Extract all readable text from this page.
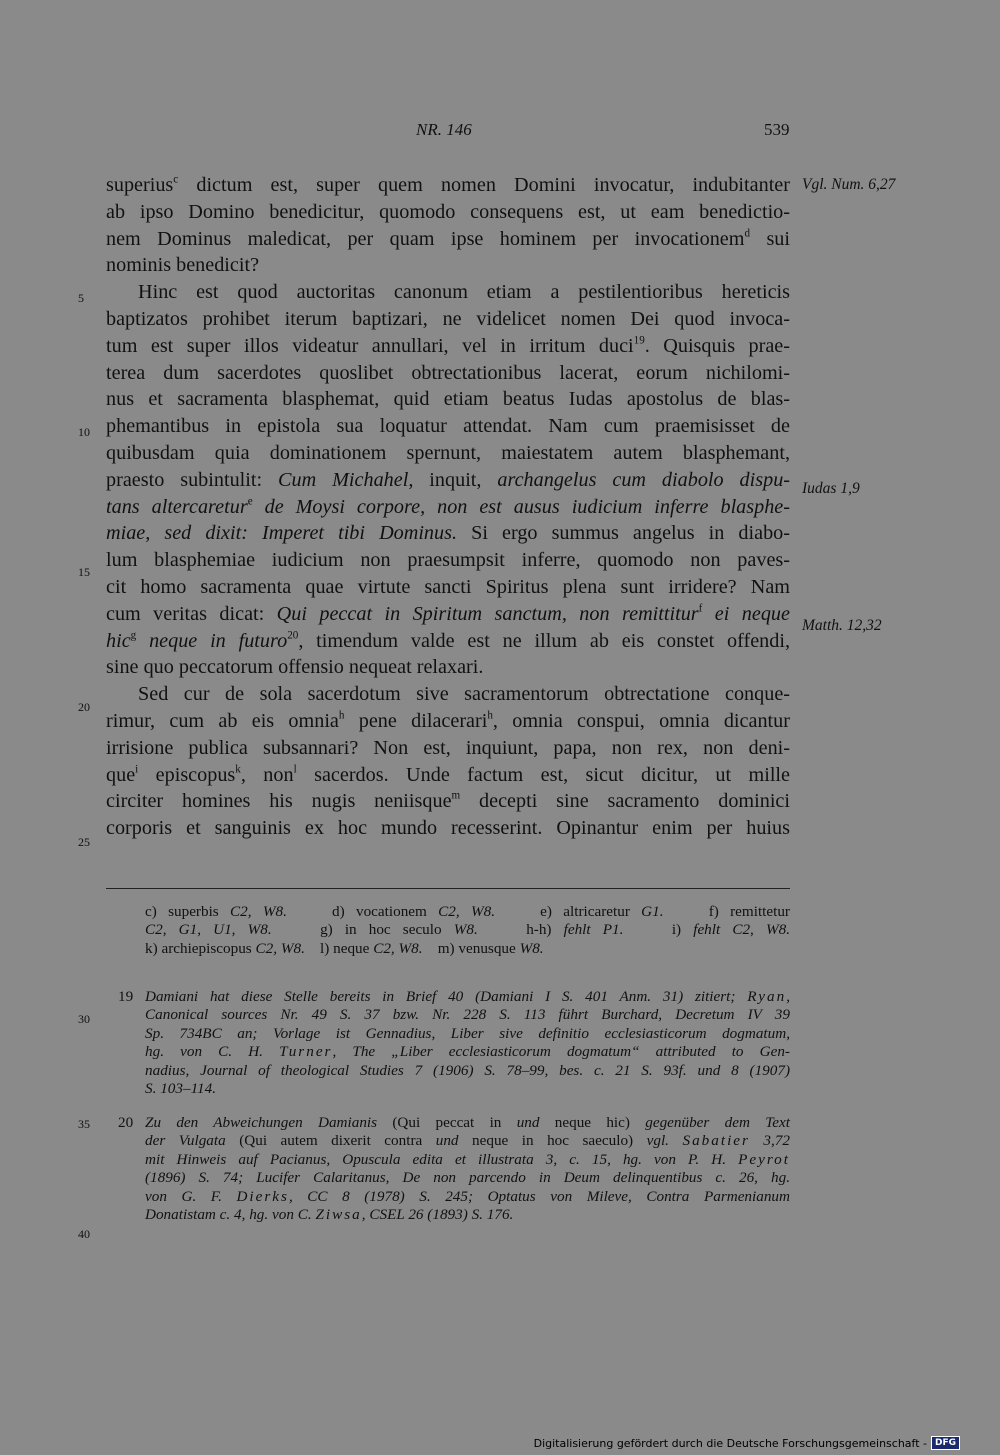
NR. 146	539
superius$^c$ dictum est, super quem nomen Domini invocatur, indubitanter
ab ipso Domino benedicitur, quomodo consequens est, ut eam benedictio-
nem Dominus maledicat, per quam ipse hominem per invocationem$^d$ sui
nominis benedicit?
Hinc est quod auctoritas canonum etiam a pestilentioribus hereticis
baptizatos prohibet iterum baptizari, ne videlicet nomen Dei quod invoca-
tum est super illos videatur annullari, vel in irritum duci$^{19}$. Quisquis prae-
terea dum sacerdotes quoslibet obtrectationibus lacerat, eorum nichilomi-
nus et sacramenta blasphemat, quid etiam beatus Iudas apostolus de blas-
phemantibus in epistola sua loquatur attendat. Nam cum praemisisset de
quibusdam quia dominationem spernunt, maiestatem autem blasphemant,
praesto subintulit: Cum Michahel, inquit, archangelus cum diabolo dispu-
tans altercaretur$^e$ de Moysi corpore, non est ausus iudicium inferre blasphe-
miae, sed dixit: Imperet tibi Dominus. Si ergo summus angelus in diabo-
lum blasphemiae iudicium non praesumpsit inferre, quomodo non paves-
cit homo sacramenta quae virtute sancti Spiritus plena sunt irridere? Nam
cum veritas dicat: Qui peccat in Spiritum sanctum, non remittitur$^f$ ei neque
hic$^g$ neque in futuro$^{20}$, timendum valde est ne illum ab eis constet offendi,
sine quo peccatorum offensio nequeat relaxari.
Sed cur de sola sacerdotum sive sacramentorum obtrectatione conque-
rimur, cum ab eis omnia$^h$ pene dilacerari$^h$, omnia conspui, omnia dicantur
irrisione publica subsannari? Non est, inquiunt, papa, non rex, non deni-
que$^i$ episcopus$^k$, non$^l$ sacerdos. Unde factum est, sicut dicitur, ut mille
circiter homines his nugis neniisque$^m$ decepti sine sacramento dominici
corporis et sanguinis ex hoc mundo recesserint. Opinantur enim per huius
5
10
15
20
25
Vgl. Num. 6,27
Iudas 1,9
Matth. 12,32
c) superbis C2, W8.    d) vocationem C2, W8.    e) altricaretur G1.    f) remittetur
C2, G1, U1, W8.    g) in hoc seculo W8.    h-h) fehlt P1.    i) fehlt C2, W8.
k) archiepiscopus C2, W8.    l) neque C2, W8.    m) venusque W8.
19 Damiani hat diese Stelle bereits in Brief 40 (Damiani I S. 401 Anm. 31) zitiert; Ryan,
Canonical sources Nr. 49 S. 37 bzw. Nr. 228 S. 113 führt Burchard, Decretum IV 39
Sp. 734BC an; Vorlage ist Gennadius, Liber sive definitio ecclesiasticorum dogmatum,
hg. von C. H. Turner, The „Liber ecclesiasticorum dogmatum“ attributed to Gen-
nadius, Journal of theological Studies 7 (1906) S. 78–99, bes. c. 21 S. 93f. und 8 (1907)
S. 103–114.
20 Zu den Abweichungen Damianis (Qui peccat in und neque hic) gegenüber dem Text
der Vulgata (Qui autem dixerit contra und neque in hoc saeculo) vgl. Sabatier 3,72
mit Hinweis auf Pacianus, Opuscula edita et illustrata 3, c. 15, hg. von P. H. Peyrot
(1896) S. 74; Lucifer Calaritanus, De non parcendo in Deum delinquentibus c. 26, hg.
von G. F. Dierks, CC 8 (1978) S. 245; Optatus von Mileve, Contra Parmenianum
Donatistam c. 4, hg. von C. Ziwsa, CSEL 26 (1893) S. 176.
30
35
40
Digitalisierung gefördert durch die Deutsche Forschungsgemeinschaft - DFG
